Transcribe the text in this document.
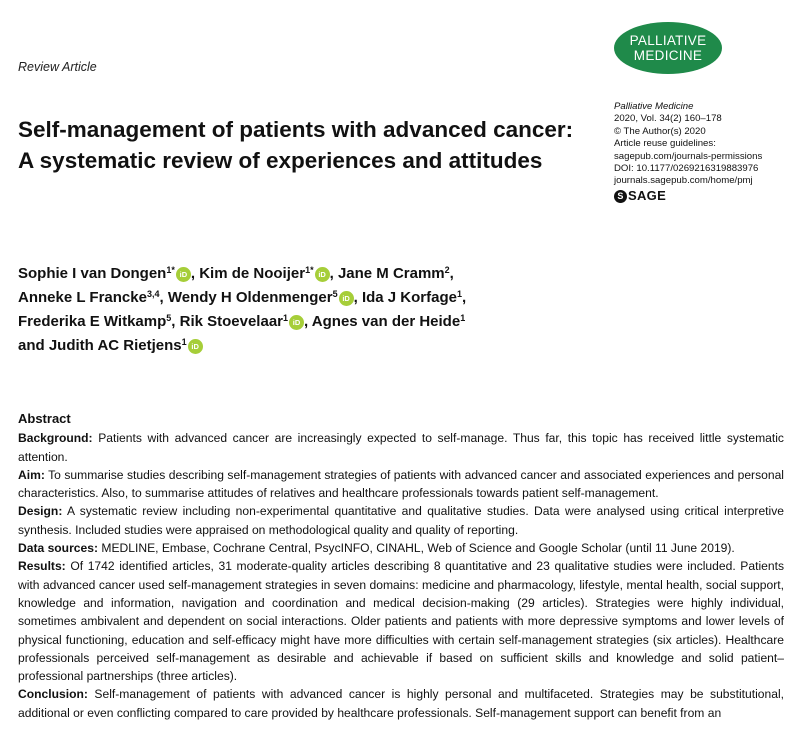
Review Article
PALLIATIVE
MEDICINE
Self-management of patients with advanced cancer: A systematic review of experiences and attitudes
Palliative Medicine
2020, Vol. 34(2) 160–178
© The Author(s) 2020
Article reuse guidelines:
sagepub.com/journals-permissions
DOI: 10.1177/0269216319883976
journals.sagepub.com/home/pmj
S SAGE
Sophie I van Dongen$^{1*}$ iD , Kim de Nooijer$^{1*}$ iD , Jane M Cramm$^2$,
Anneke L Francke$^{3,4}$, Wendy H Oldenmenger$^5$ iD , Ida J Korfage$^1$,
Frederika E Witkamp$^5$, Rik Stoevelaar$^1$ iD , Agnes van der Heide$^1$
and Judith AC Rietjens$^1$ iD
Abstract

Background: Patients with advanced cancer are increasingly expected to self-manage. Thus far, this topic has received little systematic attention.

Aim: To summarise studies describing self-management strategies of patients with advanced cancer and associated experiences and personal characteristics. Also, to summarise attitudes of relatives and healthcare professionals towards patient self-management.

Design: A systematic review including non-experimental quantitative and qualitative studies. Data were analysed using critical interpretive synthesis. Included studies were appraised on methodological quality and quality of reporting.

Data sources: MEDLINE, Embase, Cochrane Central, PsycINFO, CINAHL, Web of Science and Google Scholar (until 11 June 2019).

Results: Of 1742 identified articles, 31 moderate-quality articles describing 8 quantitative and 23 qualitative studies were included. Patients with advanced cancer used self-management strategies in seven domains: medicine and pharmacology, lifestyle, mental health, social support, knowledge and information, navigation and coordination and medical decision-making (29 articles). Strategies were highly individual, sometimes ambivalent and dependent on social interactions. Older patients and patients with more depressive symptoms and lower levels of physical functioning, education and self-efficacy might have more difficulties with certain self-management strategies (six articles). Healthcare professionals perceived self-management as desirable and achievable if based on sufficient skills and knowledge and solid patient–professional partnerships (three articles).

Conclusion: Self-management of patients with advanced cancer is highly personal and multifaceted. Strategies may be substitutional, additional or even conflicting compared to care provided by healthcare professionals. Self-management support can benefit from an
